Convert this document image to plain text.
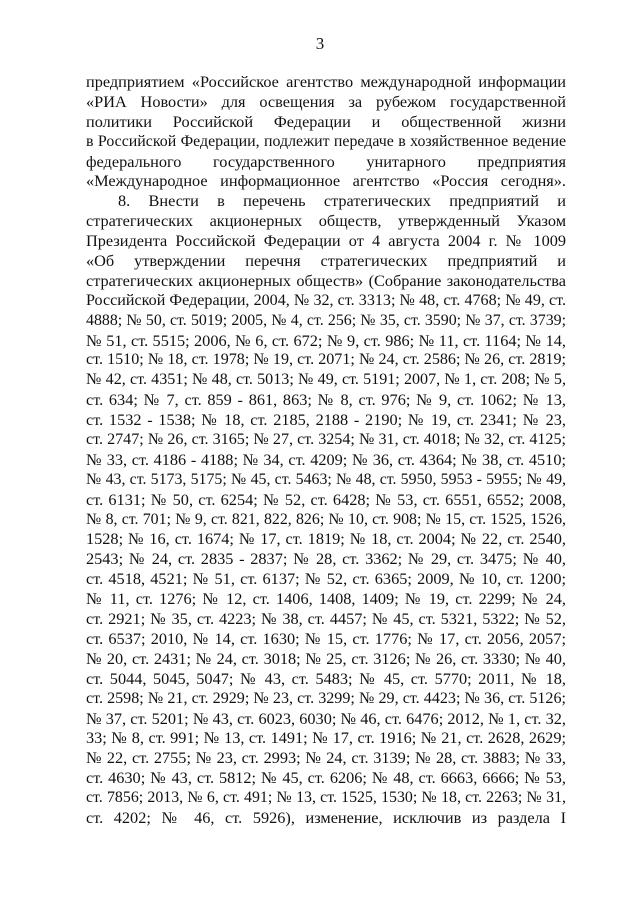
3
предприятием «Российское агентство международной информации
«РИА Новости» для освещения за рубежом государственной
политики Российской Федерации и общественной жизни
в Российской Федерации, подлежит передаче в хозяйственное ведение
федерального государственного унитарного предприятия
«Международное информационное агентство «Россия сегодня».
8. Внести в перечень стратегических предприятий и
стратегических акционерных обществ, утвержденный Указом
Президента Российской Федерации от 4 августа 2004 г. № 1009
«Об утверждении перечня стратегических предприятий и
стратегических акционерных обществ» (Собрание законодательства
Российской Федерации, 2004, № 32, ст. 3313; № 48, ст. 4768; № 49, ст.
4888; № 50, ст. 5019; 2005, № 4, ст. 256; № 35, ст. 3590; № 37, ст. 3739;
№ 51, ст. 5515; 2006, № 6, ст. 672; № 9, ст. 986; № 11, ст. 1164; № 14,
ст. 1510; № 18, ст. 1978; № 19, ст. 2071; № 24, ст. 2586; № 26, ст. 2819;
№ 42, ст. 4351; № 48, ст. 5013; № 49, ст. 5191; 2007, № 1, ст. 208; № 5,
ст. 634; № 7, ст. 859 - 861, 863; № 8, ст. 976; № 9, ст. 1062; № 13,
ст. 1532 - 1538; № 18, ст. 2185, 2188 - 2190; № 19, ст. 2341; № 23,
ст. 2747; № 26, ст. 3165; № 27, ст. 3254; № 31, ст. 4018; № 32, ст. 4125;
№ 33, ст. 4186 - 4188; № 34, ст. 4209; № 36, ст. 4364; № 38, ст. 4510;
№ 43, ст. 5173, 5175; № 45, ст. 5463; № 48, ст. 5950, 5953 - 5955; № 49,
ст. 6131; № 50, ст. 6254; № 52, ст. 6428; № 53, ст. 6551, 6552; 2008,
№ 8, ст. 701; № 9, ст. 821, 822, 826; № 10, ст. 908; № 15, ст. 1525, 1526,
1528; № 16, ст. 1674; № 17, ст. 1819; № 18, ст. 2004; № 22, ст. 2540,
2543; № 24, ст. 2835 - 2837; № 28, ст. 3362; № 29, ст. 3475; № 40,
ст. 4518, 4521; № 51, ст. 6137; № 52, ст. 6365; 2009, № 10, ст. 1200;
№ 11, ст. 1276; № 12, ст. 1406, 1408, 1409; № 19, ст. 2299; № 24,
ст. 2921; № 35, ст. 4223; № 38, ст. 4457; № 45, ст. 5321, 5322; № 52,
ст. 6537; 2010, № 14, ст. 1630; № 15, ст. 1776; № 17, ст. 2056, 2057;
№ 20, ст. 2431; № 24, ст. 3018; № 25, ст. 3126; № 26, ст. 3330; № 40,
ст. 5044, 5045, 5047; № 43, ст. 5483; № 45, ст. 5770; 2011, № 18,
ст. 2598; № 21, ст. 2929; № 23, ст. 3299; № 29, ст. 4423; № 36, ст. 5126;
№ 37, ст. 5201; № 43, ст. 6023, 6030; № 46, ст. 6476; 2012, № 1, ст. 32,
33; № 8, ст. 991; № 13, ст. 1491; № 17, ст. 1916; № 21, ст. 2628, 2629;
№ 22, ст. 2755; № 23, ст. 2993; № 24, ст. 3139; № 28, ст. 3883; № 33,
ст. 4630; № 43, ст. 5812; № 45, ст. 6206; № 48, ст. 6663, 6666; № 53,
ст. 7856; 2013, № 6, ст. 491; № 13, ст. 1525, 1530; № 18, ст. 2263; № 31,
ст. 4202; № 46, ст. 5926), изменение, исключив из раздела I
